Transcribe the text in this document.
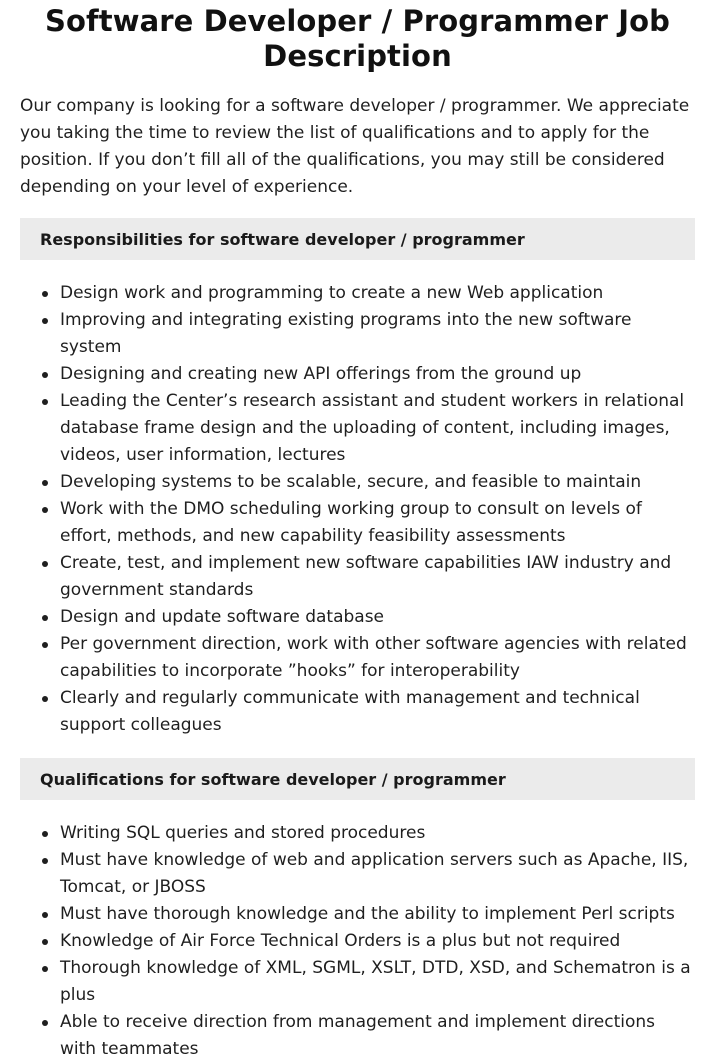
Software Developer / Programmer Job Description

Our company is looking for a software developer / programmer. We appreciate you taking the time to review the list of qualifications and to apply for the position. If you don’t fill all of the qualifications, you may still be considered depending on your level of experience.

Responsibilities for software developer / programmer
Design work and programming to create a new Web application
Improving and integrating existing programs into the new software system
Designing and creating new API offerings from the ground up
Leading the Center’s research assistant and student workers in relational database frame design and the uploading of content, including images, videos, user information, lectures
Developing systems to be scalable, secure, and feasible to maintain
Work with the DMO scheduling working group to consult on levels of effort, methods, and new capability feasibility assessments
Create, test, and implement new software capabilities IAW industry and government standards
Design and update software database
Per government direction, work with other software agencies with related capabilities to incorporate ”hooks” for interoperability
Clearly and regularly communicate with management and technical support colleagues
Qualifications for software developer / programmer
Writing SQL queries and stored procedures
Must have knowledge of web and application servers such as Apache, IIS, Tomcat, or JBOSS
Must have thorough knowledge and the ability to implement Perl scripts
Knowledge of Air Force Technical Orders is a plus but not required
Thorough knowledge of XML, SGML, XSLT, DTD, XSD, and Schematron is a plus
Able to receive direction from management and implement directions with teammates
